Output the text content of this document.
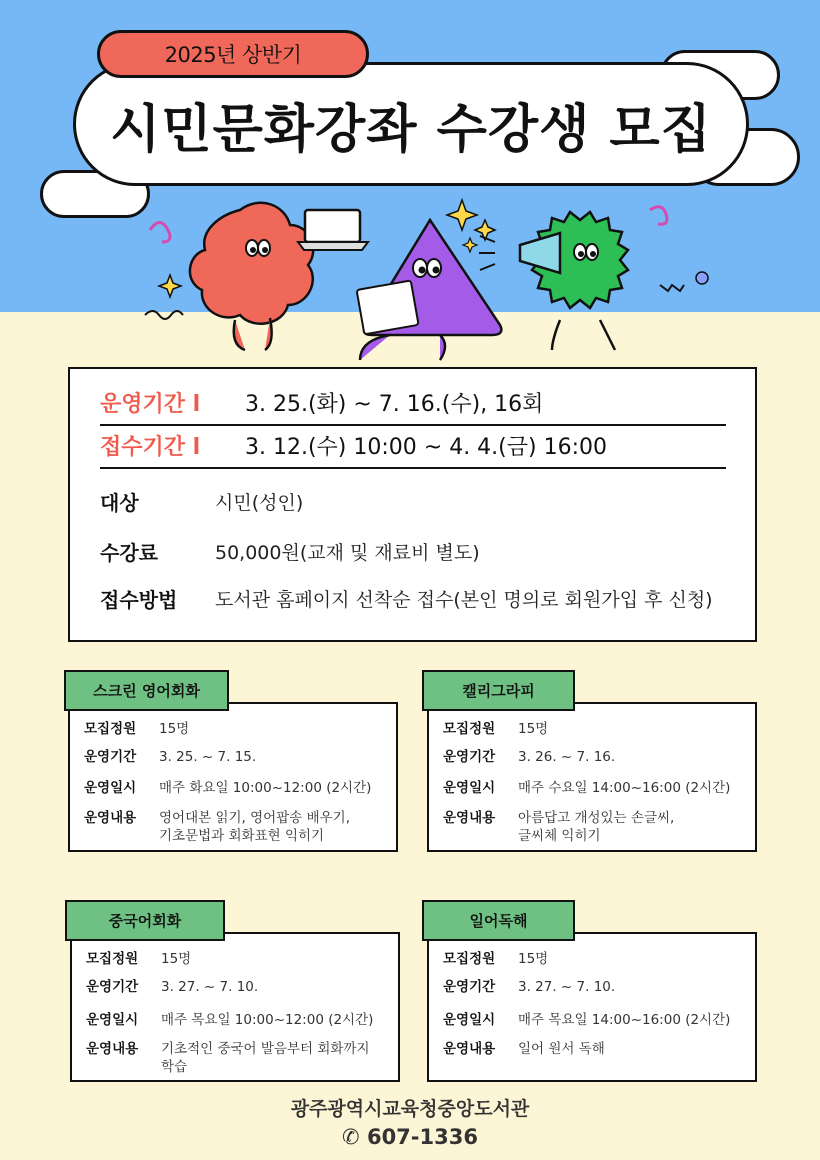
2025년 상반기
시민문화강좌 수강생 모집
운영기간 l	3. 25.(화) ~ 7. 16.(수), 16회
접수기간 l	3. 12.(수) 10:00 ~ 4. 4.(금) 16:00
대상	시민(성인)
수강료	50,000원(교재 및 재료비 별도)
접수방법	도서관 홈페이지 선착순 접수(본인 명의로 회원가입 후 신청)
모집정원	15명
운영기간	3. 25. ~ 7. 15.
운영일시	매주 화요일 10:00~12:00 (2시간)
운영내용	영어대본 읽기, 영어팝송 배우기,
기초문법과 회화표현 익히기
스크린 영어회화
모집정원	15명
운영기간	3. 26. ~ 7. 16.
운영일시	매주 수요일 14:00~16:00 (2시간)
운영내용	아름답고 개성있는 손글씨,
글씨체 익히기
캘리그라피
모집정원	15명
운영기간	3. 27. ~ 7. 10.
운영일시	매주 목요일 10:00~12:00 (2시간)
운영내용	기초적인 중국어 발음부터 회화까지
학습
중국어회화
모집정원	15명
운영기간	3. 27. ~ 7. 10.
운영일시	매주 목요일 14:00~16:00 (2시간)
운영내용	일어 원서 독해
일어독해
광주광역시교육청중앙도서관
✆ 607-1336
